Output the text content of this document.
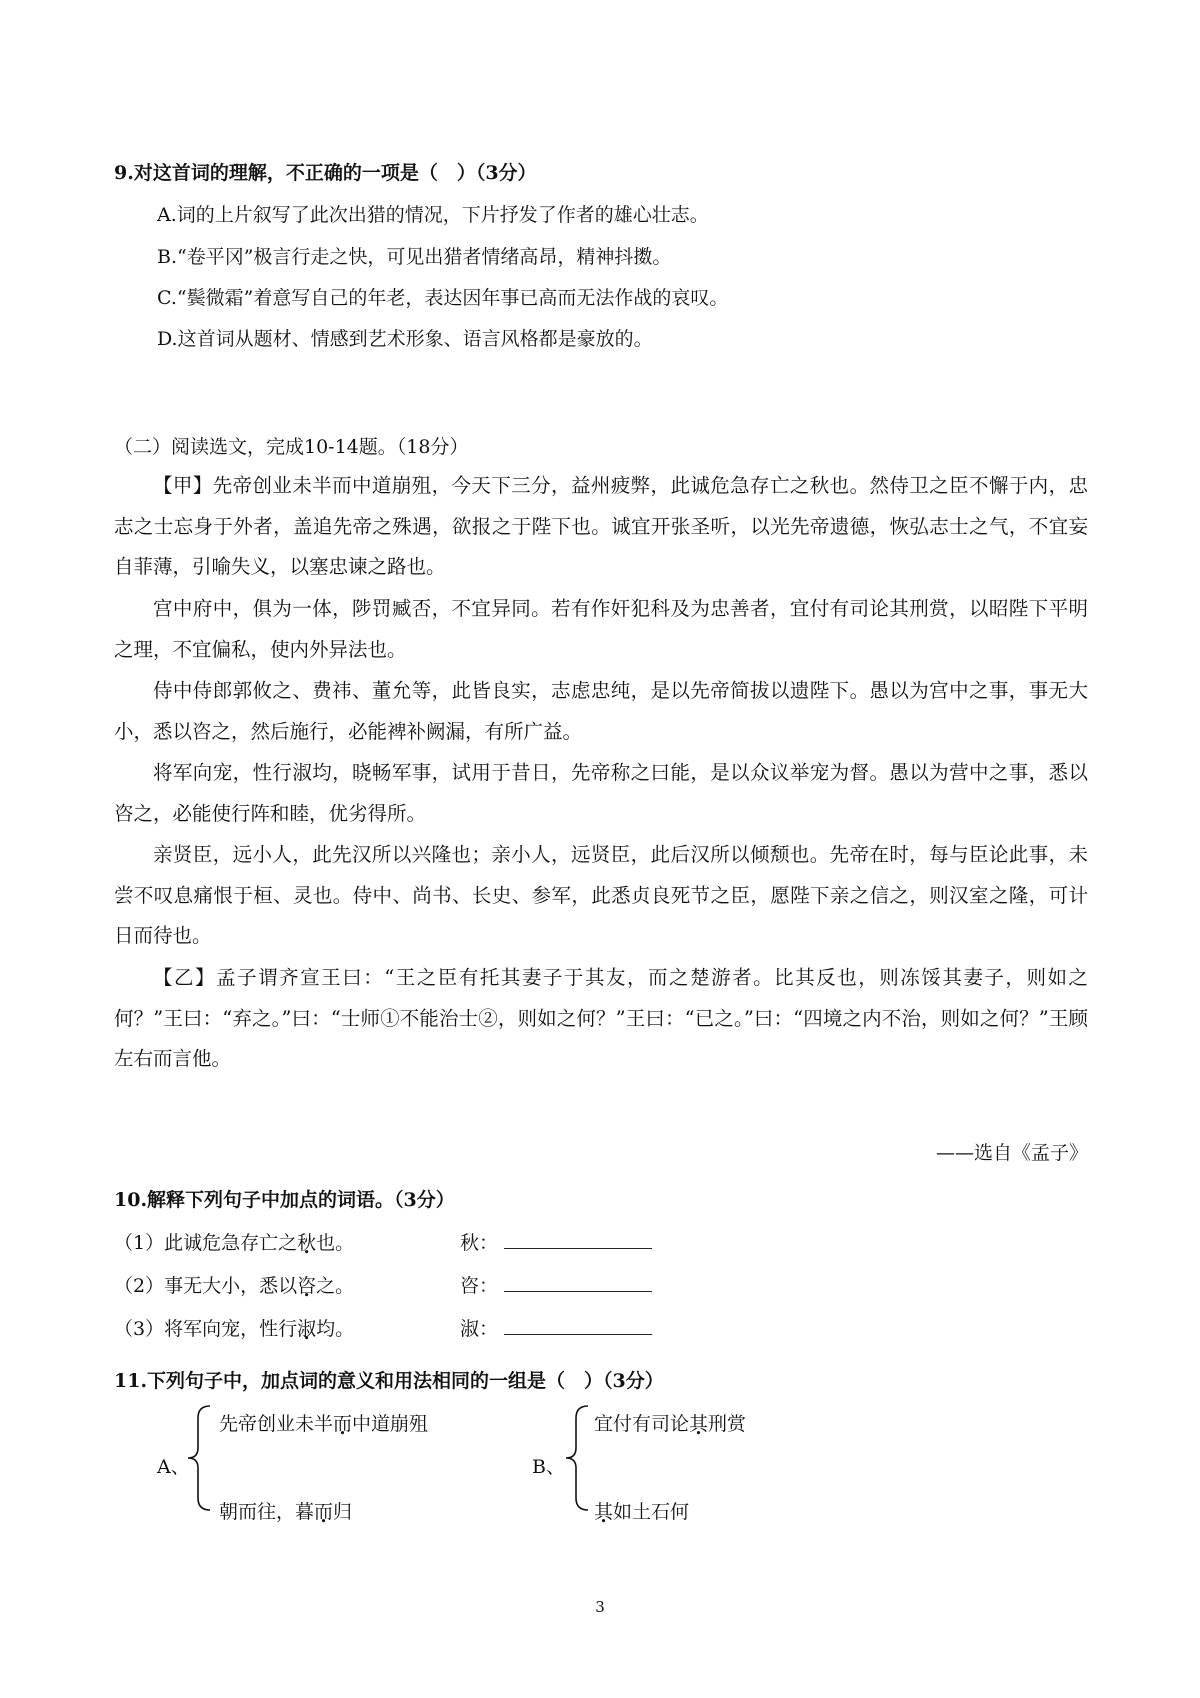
9.对这首词的理解，不正确的一项是（　）（3分）
A.词的上片叙写了此次出猎的情况，下片抒发了作者的雄心壮志。
B.“卷平冈”极言行走之快，可见出猎者情绪高昂，精神抖擞。
C.“鬓微霜”着意写自己的年老，表达因年事已高而无法作战的哀叹。
D.这首词从题材、情感到艺术形象、语言风格都是豪放的。
（二）阅读选文，完成10-14题。（18分）
【甲】先帝创业未半而中道崩殂，今天下三分，益州疲弊，此诚危急存亡之秋也。然侍卫之臣不懈于内，忠志之士忘身于外者，盖追先帝之殊遇，欲报之于陛下也。诚宜开张圣听，以光先帝遗德，恢弘志士之气，不宜妄自菲薄，引喻失义，以塞忠谏之路也。
宫中府中，俱为一体，陟罚臧否，不宜异同。若有作奸犯科及为忠善者，宜付有司论其刑赏，以昭陛下平明之理，不宜偏私，使内外异法也。
侍中侍郎郭攸之、费祎、董允等，此皆良实，志虑忠纯，是以先帝简拔以遗陛下。愚以为宫中之事，事无大小，悉以咨之，然后施行，必能裨补阙漏，有所广益。
将军向宠，性行淑均，晓畅军事，试用于昔日，先帝称之曰能，是以众议举宠为督。愚以为营中之事，悉以咨之，必能使行阵和睦，优劣得所。
亲贤臣，远小人，此先汉所以兴隆也；亲小人，远贤臣，此后汉所以倾颓也。先帝在时，每与臣论此事，未尝不叹息痛恨于桓、灵也。侍中、尚书、长史、参军，此悉贞良死节之臣，愿陛下亲之信之，则汉室之隆，可计日而待也。
【乙】孟子谓齐宣王曰：“王之臣有托其妻子于其友，而之楚游者。比其反也，则冻馁其妻子，则如之何？”王曰：“弃之。”曰：“士师①不能治士②，则如之何？”王曰：“已之。”曰：“四境之内不治，则如之何？”王顾左右而言他。
——选自《孟子》
10.解释下列句子中加点的词语。（3分）
（1）此诚危急存亡之秋也。	秋：
（2）事无大小，悉以咨之。	咨：
（3）将军向宠，性行淑均。	淑：
11.下列句子中，加点词的意义和用法相同的一组是（　）（3分）
A、
先帝创业未半而中道崩殂
朝而往，暮而归
B、
宜付有司论其刑赏
其如土石何
3
